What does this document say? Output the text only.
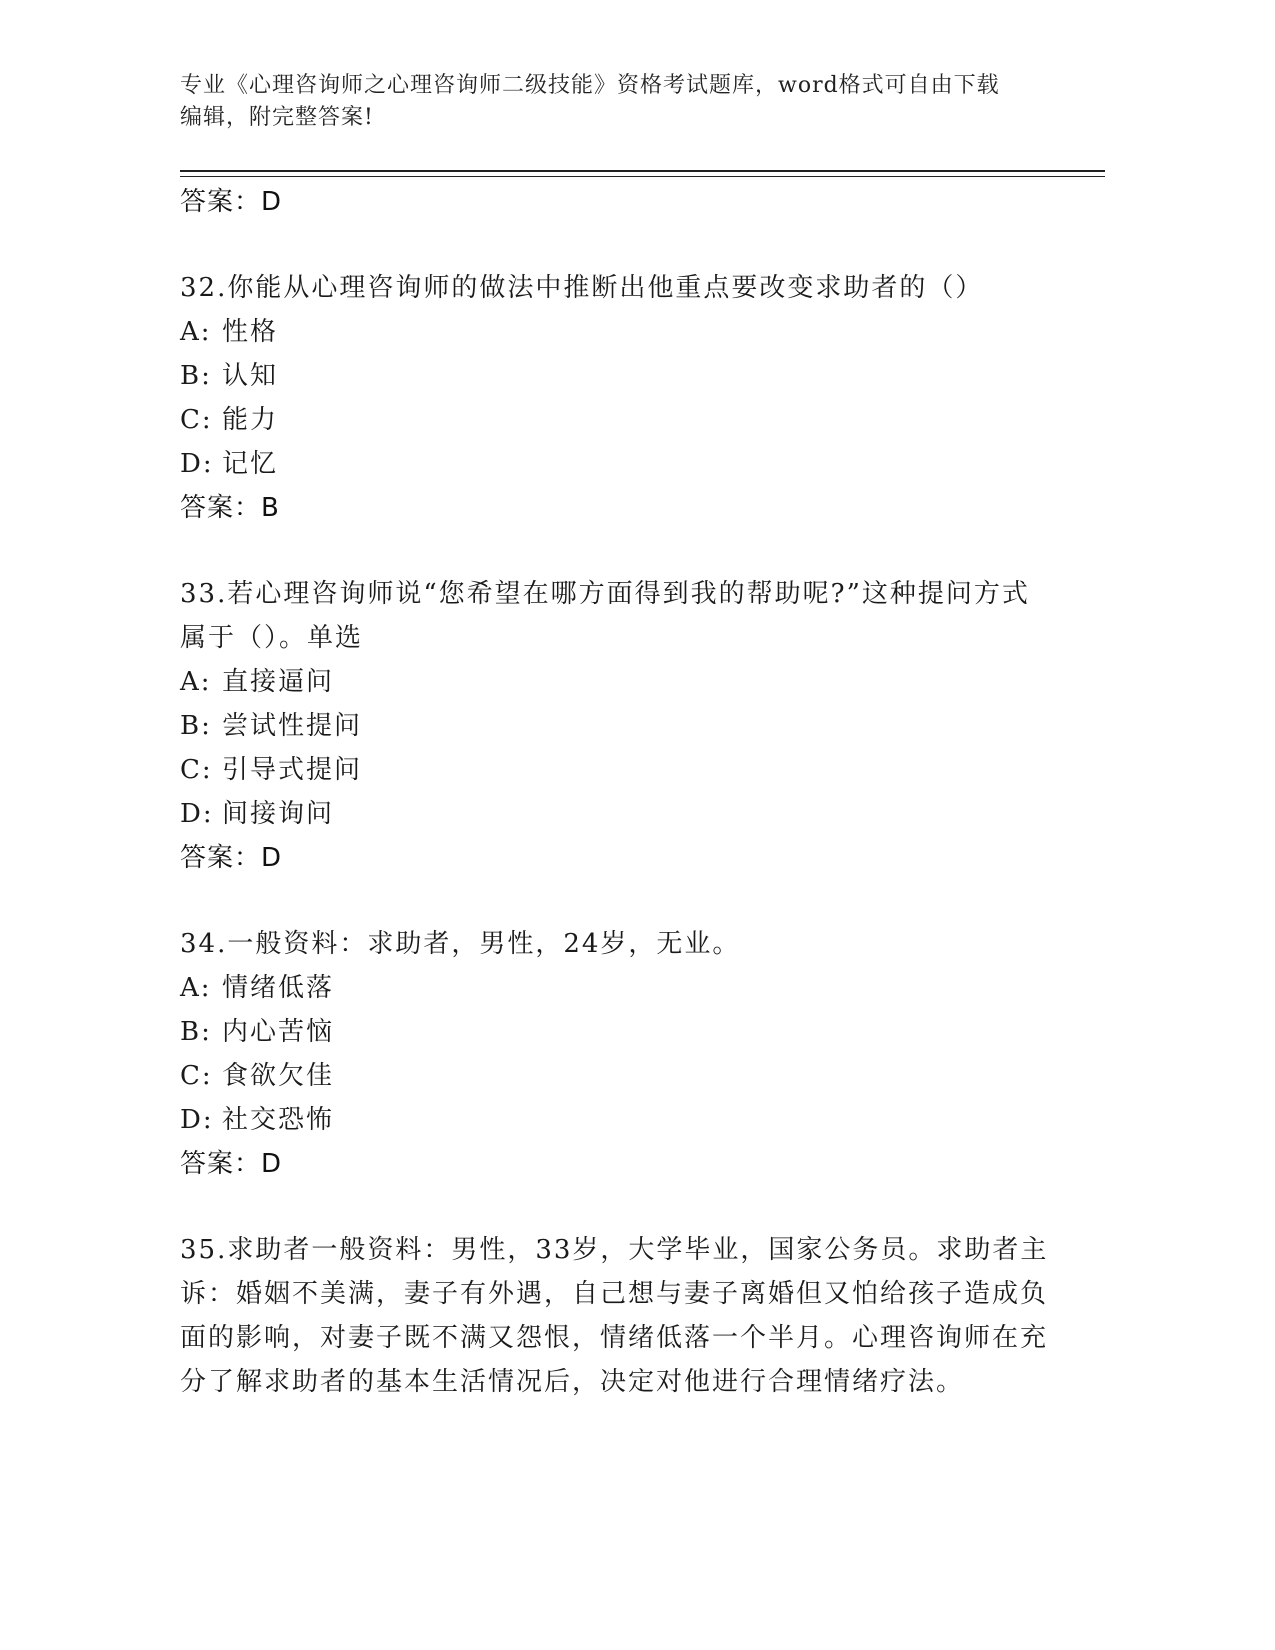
专业《心理咨询师之心理咨询师二级技能》资格考试题库，word格式可自由下载
编辑，附完整答案!
答案：D
32.你能从心理咨询师的做法中推断出他重点要改变求助者的（）
A: 性格
B: 认知
C: 能力
D: 记忆
答案：B
33.若心理咨询师说“您希望在哪方面得到我的帮助呢?”这种提问方式属于（）。单选
A: 直接逼问
B: 尝试性提问
C: 引导式提问
D: 间接询问
答案：D
34.一般资料：求助者，男性，24岁，无业。
A: 情绪低落
B: 内心苦恼
C: 食欲欠佳
D: 社交恐怖
答案：D
35.求助者一般资料：男性，33岁，大学毕业，国家公务员。求助者主诉：婚姻不美满，妻子有外遇，自己想与妻子离婚但又怕给孩子造成负面的影响，对妻子既不满又怨恨，情绪低落一个半月。心理咨询师在充分了解求助者的基本生活情况后，决定对他进行合理情绪疗法。
